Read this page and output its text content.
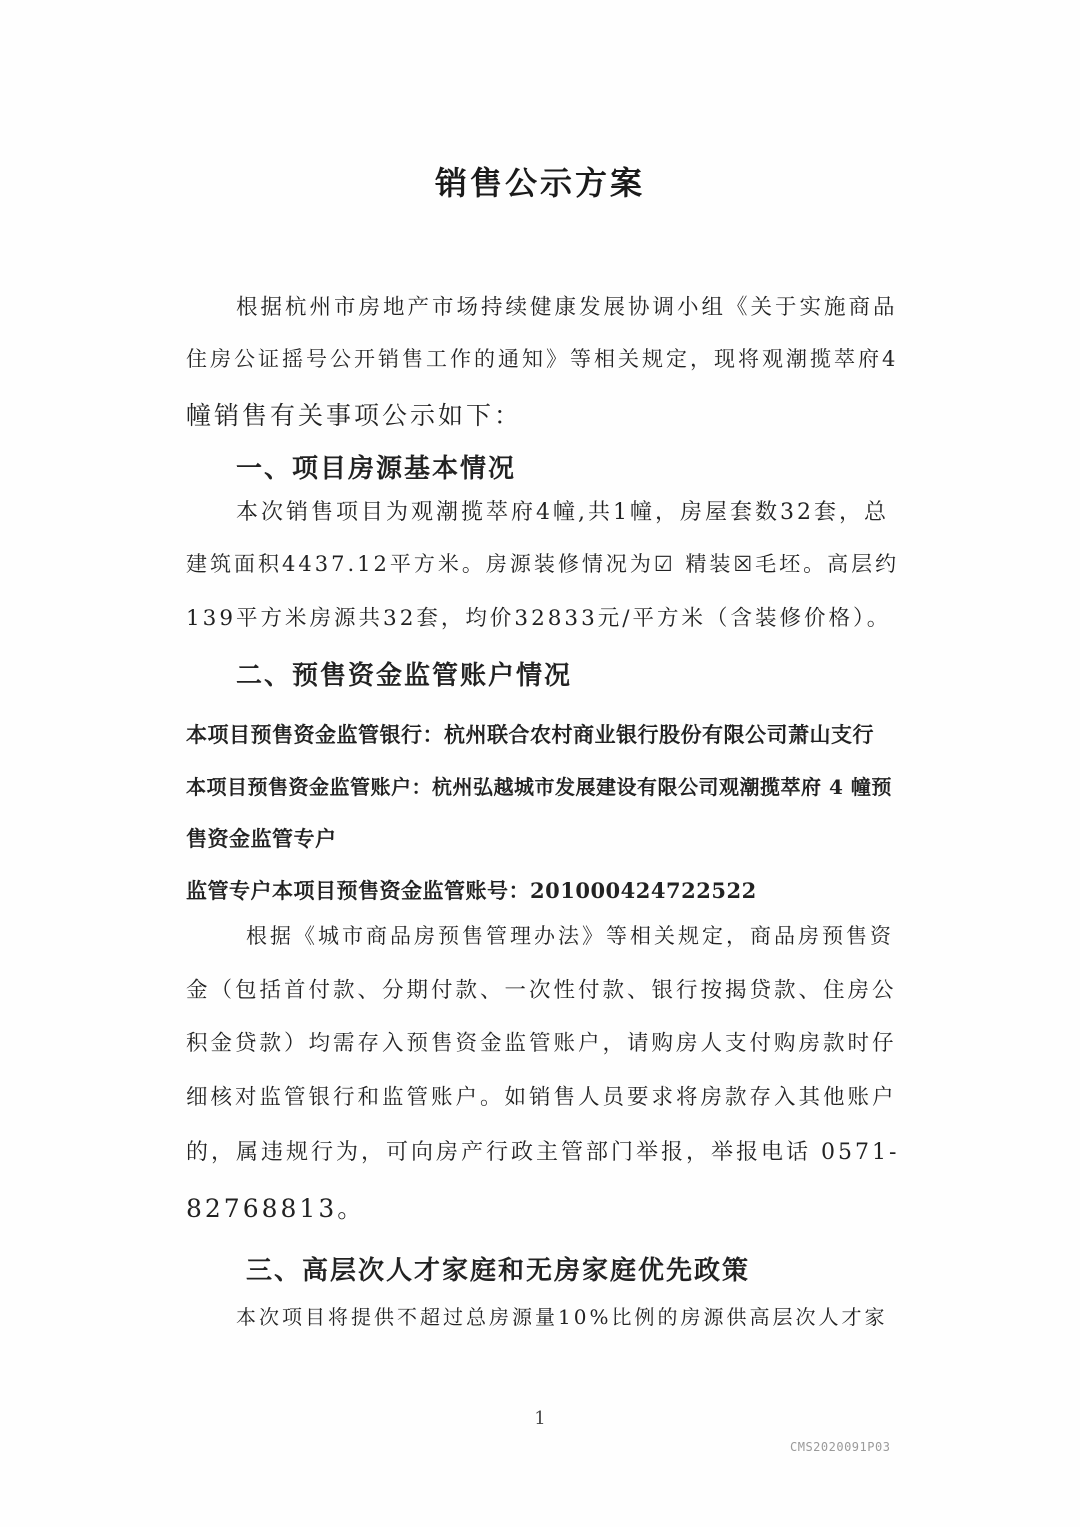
销售公示方案
根据杭州市房地产市场持续健康发展协调小组《关于实施商品
住房公证摇号公开销售工作的通知》等相关规定，现将观潮揽萃府4
幢销售有关事项公示如下：
一、项目房源基本情况
本次销售项目为观潮揽萃府4幢,共1幢，房屋套数32套，总
建筑面积4437.12平方米。房源装修情况为☑ 精装☒毛坯。高层约
139平方米房源共32套，均价32833元/平方米（含装修价格）。
二、预售资金监管账户情况
本项目预售资金监管银行：杭州联合农村商业银行股份有限公司萧山支行
本项目预售资金监管账户：杭州弘越城市发展建设有限公司观潮揽萃府 4 幢预
售资金监管专户
监管专户本项目预售资金监管账号：201000424722522
根据《城市商品房预售管理办法》等相关规定，商品房预售资
金（包括首付款、分期付款、一次性付款、银行按揭贷款、住房公
积金贷款）均需存入预售资金监管账户，请购房人支付购房款时仔
细核对监管银行和监管账户。如销售人员要求将房款存入其他账户
的，属违规行为，可向房产行政主管部门举报，举报电话 0571-
82768813。
三、高层次人才家庭和无房家庭优先政策
本次项目将提供不超过总房源量10%比例的房源供高层次人才家
1
CMS2020091P03
